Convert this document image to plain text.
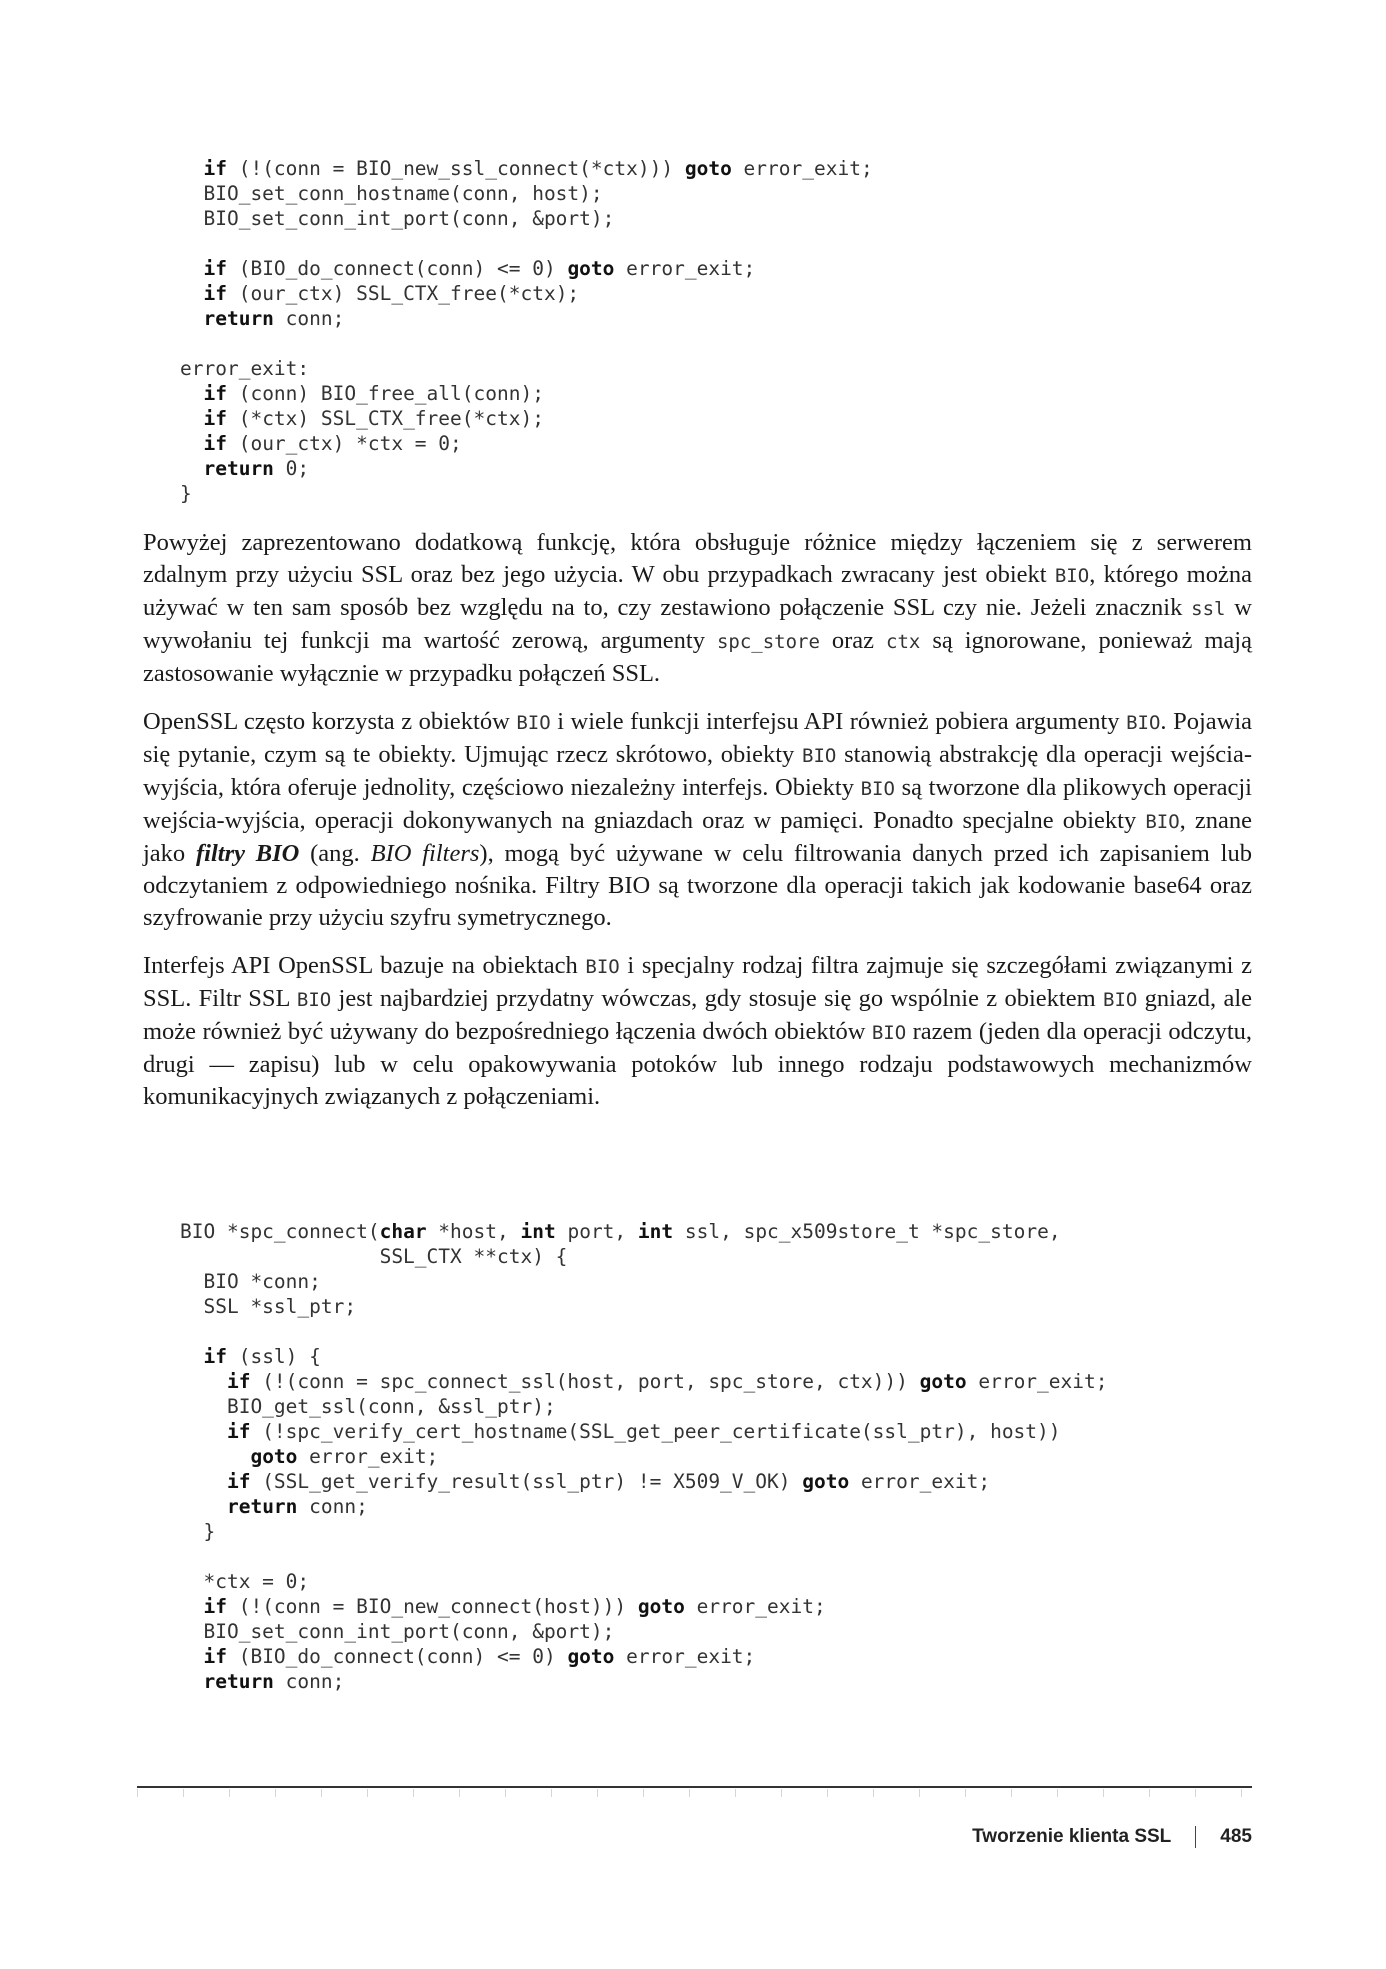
if (!(conn = BIO_new_ssl_connect(*ctx))) goto error_exit;
BIO_set_conn_hostname(conn, host);
BIO_set_conn_int_port(conn, &port);

if (BIO_do_connect(conn) <= 0) goto error_exit;
if (our_ctx) SSL_CTX_free(*ctx);
return conn;

error_exit:
if (conn) BIO_free_all(conn);
if (*ctx) SSL_CTX_free(*ctx);
if (our_ctx) *ctx = 0;
return 0;
}

Powyżej zaprezentowano dodatkową funkcję, która obsługuje różnice między łączeniem się z serwerem zdalnym przy użyciu SSL oraz bez jego użycia. W obu przypadkach zwracany jest obiekt BIO, którego można używać w ten sam sposób bez względu na to, czy zestawiono połączenie SSL czy nie. Jeżeli znacznik ssl w wywołaniu tej funkcji ma wartość zerową, argumenty spc_store oraz ctx są ignorowane, ponieważ mają zastosowanie wyłącznie w przypadku połączeń SSL.

OpenSSL często korzysta z obiektów BIO i wiele funkcji interfejsu API również pobiera argumenty BIO. Pojawia się pytanie, czym są te obiekty. Ujmując rzecz skrótowo, obiekty BIO stanowią abstrakcję dla operacji wejścia-wyjścia, która oferuje jednolity, częściowo niezależny interfejs. Obiekty BIO są tworzone dla plikowych operacji wejścia-wyjścia, operacji dokonywanych na gniazdach oraz w pamięci. Ponadto specjalne obiekty BIO, znane jako filtry BIO (ang. BIO filters), mogą być używane w celu filtrowania danych przed ich zapisaniem lub odczytaniem z odpowiedniego nośnika. Filtry BIO są tworzone dla operacji takich jak kodowanie base64 oraz szyfrowanie przy użyciu szyfru symetrycznego.

Interfejs API OpenSSL bazuje na obiektach BIO i specjalny rodzaj filtra zajmuje się szczegółami związanymi z SSL. Filtr SSL BIO jest najbardziej przydatny wówczas, gdy stosuje się go wspólnie z obiektem BIO gniazd, ale może również być używany do bezpośredniego łączenia dwóch obiektów BIO razem (jeden dla operacji odczytu, drugi — zapisu) lub w celu opakowywania potoków lub innego rodzaju podstawowych mechanizmów komunikacyjnych związanych z połączeniami.

BIO *spc_connect(char *host, int port, int ssl, spc_x509store_t *spc_store,
SSL_CTX **ctx) {
BIO *conn;
SSL *ssl_ptr;

if (ssl) {
if (!(conn = spc_connect_ssl(host, port, spc_store, ctx))) goto error_exit;
BIO_get_ssl(conn, &ssl_ptr);
if (!spc_verify_cert_hostname(SSL_get_peer_certificate(ssl_ptr), host))
goto error_exit;
if (SSL_get_verify_result(ssl_ptr) != X509_V_OK) goto error_exit;
return conn;
}

*ctx = 0;
if (!(conn = BIO_new_connect(host))) goto error_exit;
BIO_set_conn_int_port(conn, &port);
if (BIO_do_connect(conn) <= 0) goto error_exit;
return conn;
Tworzenie klienta SSL	485
